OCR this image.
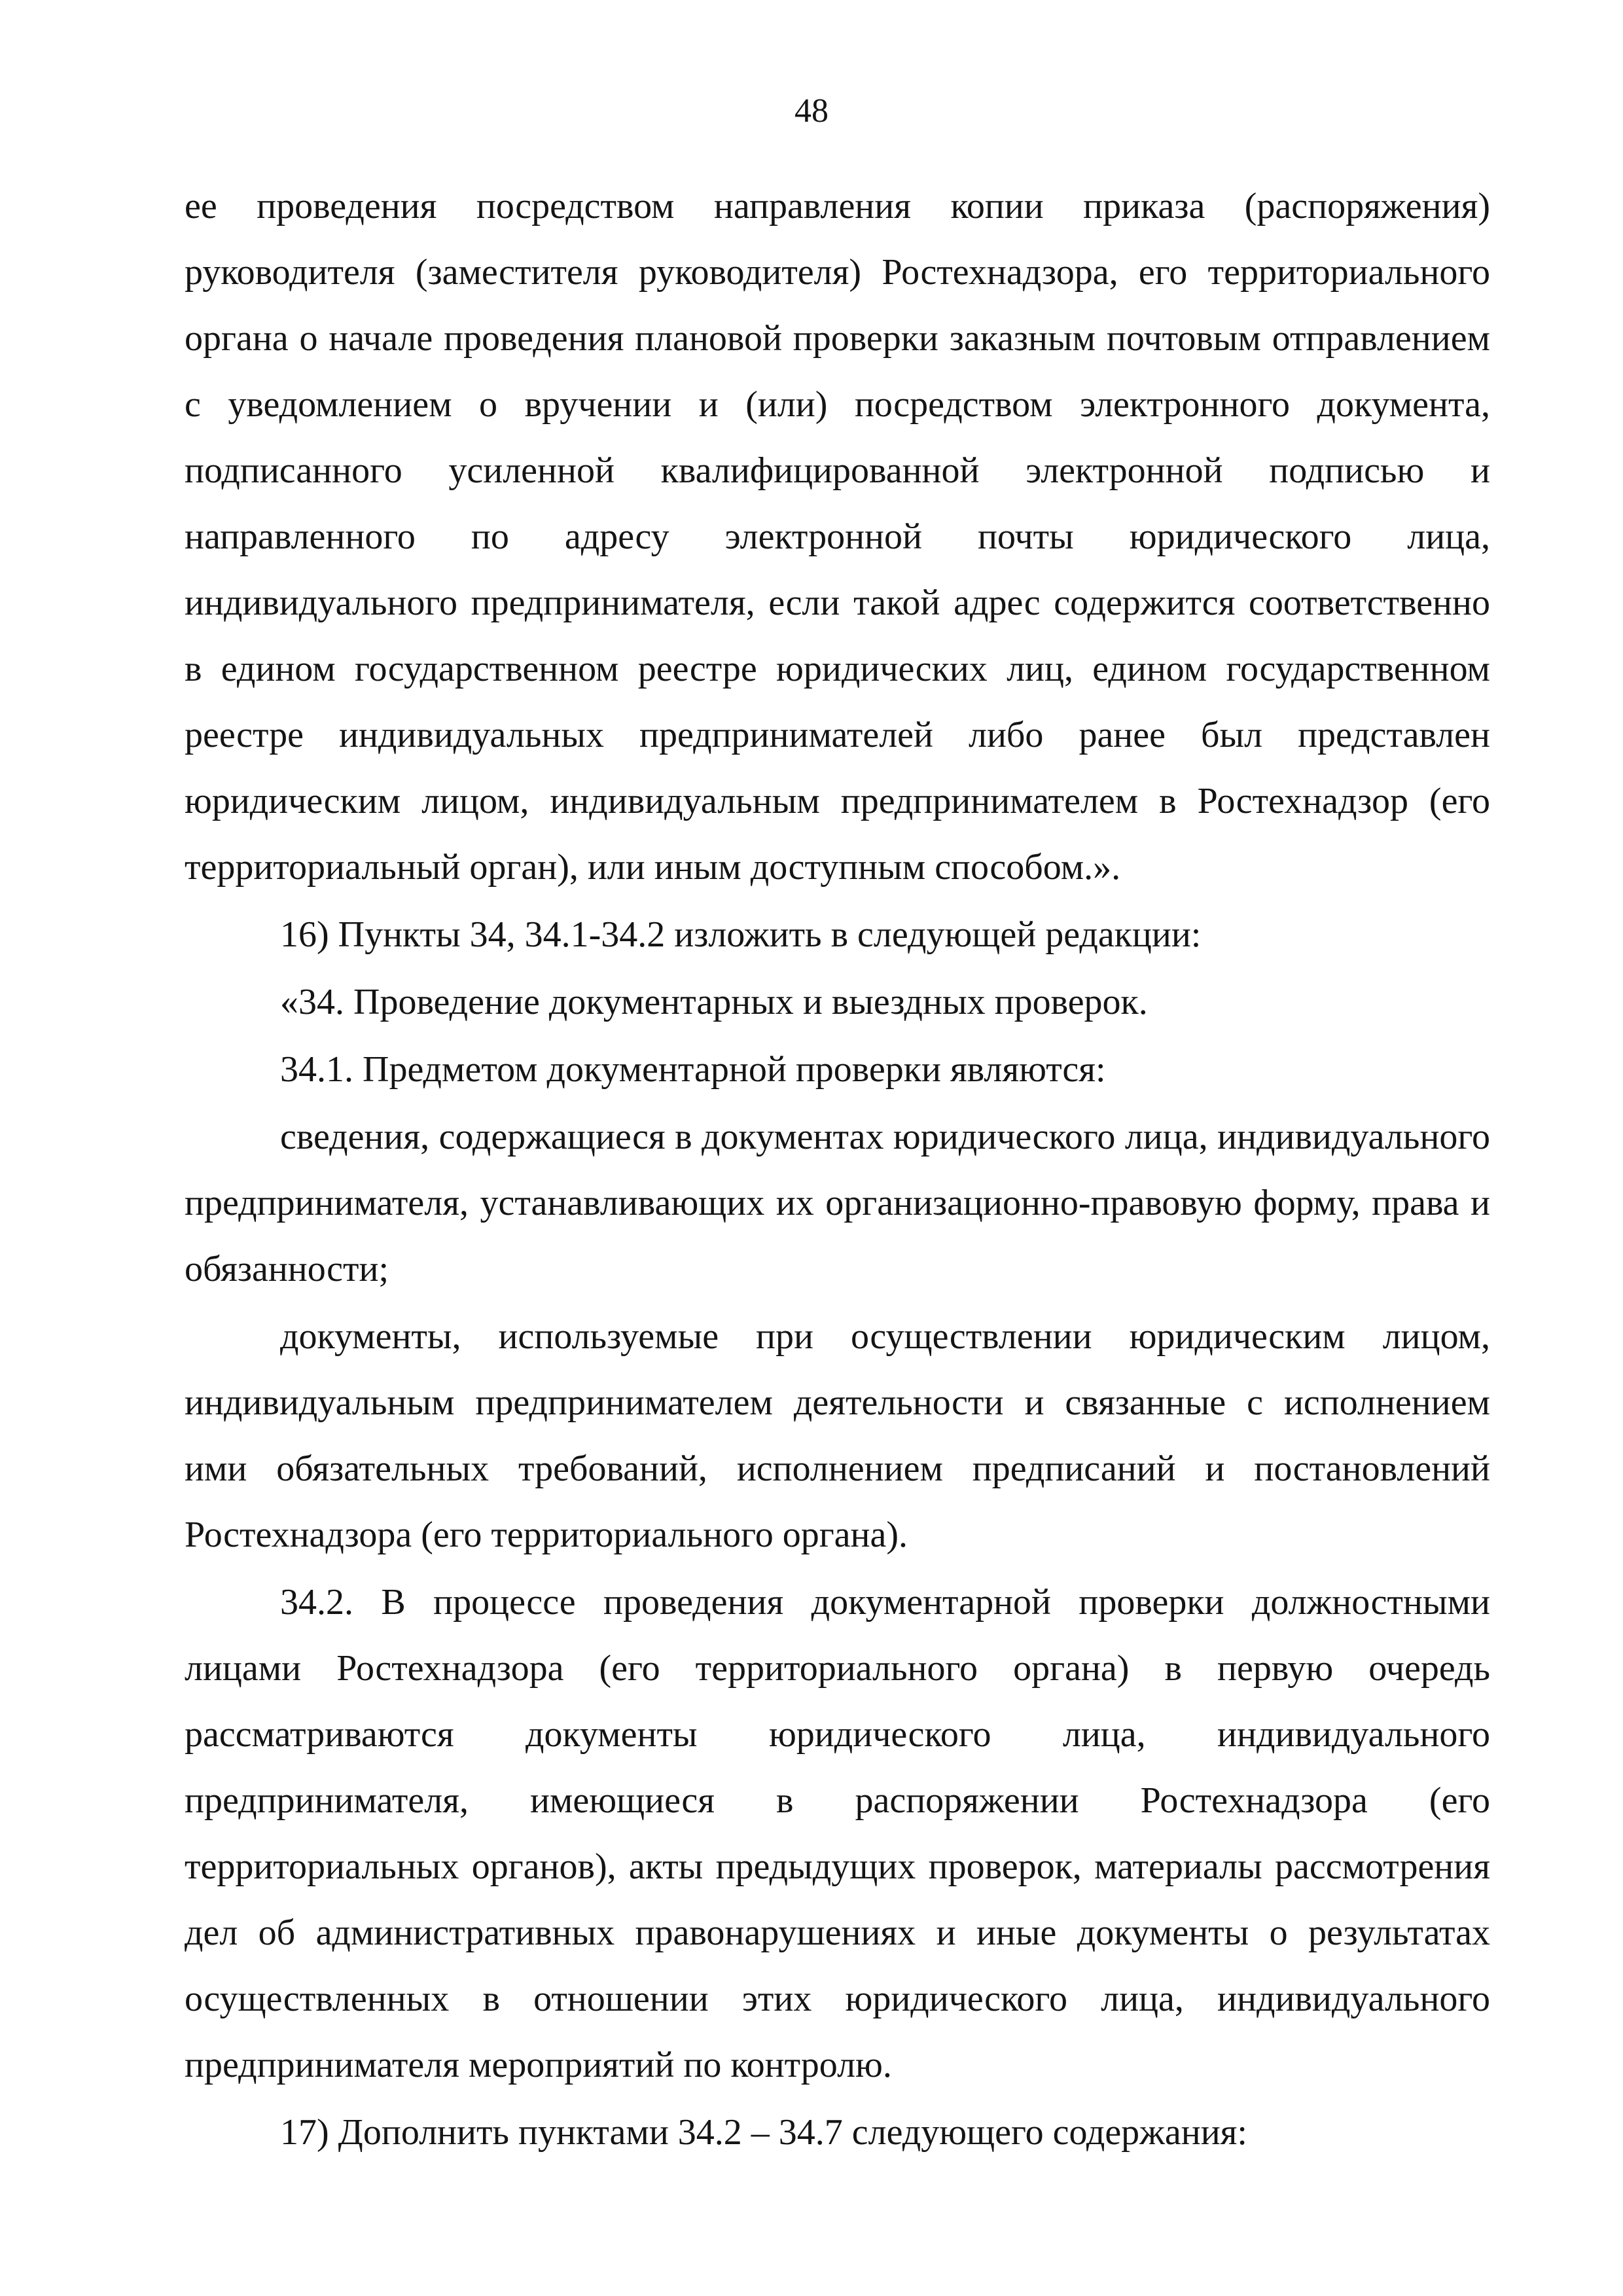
48

ее проведения посредством направления копии приказа (распоряжения) руководителя (заместителя руководителя) Ростехнадзора, его территориального органа о начале проведения плановой проверки заказным почтовым отправлением с уведомлением о вручении и (или) посредством электронного документа, подписанного усиленной квалифицированной электронной подписью и направленного по адресу электронной почты юридического лица, индивидуального предпринимателя, если такой адрес содержится соответственно в едином государственном реестре юридических лиц, едином государственном реестре индивидуальных предпринимателей либо ранее был представлен юридическим лицом, индивидуальным предпринимателем в Ростехнадзор (его территориальный орган), или иным доступным способом.».

16) Пункты 34, 34.1-34.2 изложить в следующей редакции:

«34. Проведение документарных и выездных проверок.

34.1. Предметом документарной проверки являются:

сведения, содержащиеся в документах юридического лица, индивидуального предпринимателя, устанавливающих их организационно-правовую форму, права и обязанности;

документы, используемые при осуществлении юридическим лицом, индивидуальным предпринимателем деятельности и связанные с исполнением ими обязательных требований, исполнением предписаний и постановлений Ростехнадзора (его территориального органа).

34.2. В процессе проведения документарной проверки должностными лицами Ростехнадзора (его территориального органа) в первую очередь рассматриваются документы юридического лица, индивидуального предпринимателя, имеющиеся в распоряжении Ростехнадзора (его территориальных органов), акты предыдущих проверок, материалы рассмотрения дел об административных правонарушениях и иные документы о результатах осуществленных в отношении этих юридического лица, индивидуального предпринимателя мероприятий по контролю.

17) Дополнить пунктами 34.2 – 34.7 следующего содержания:
